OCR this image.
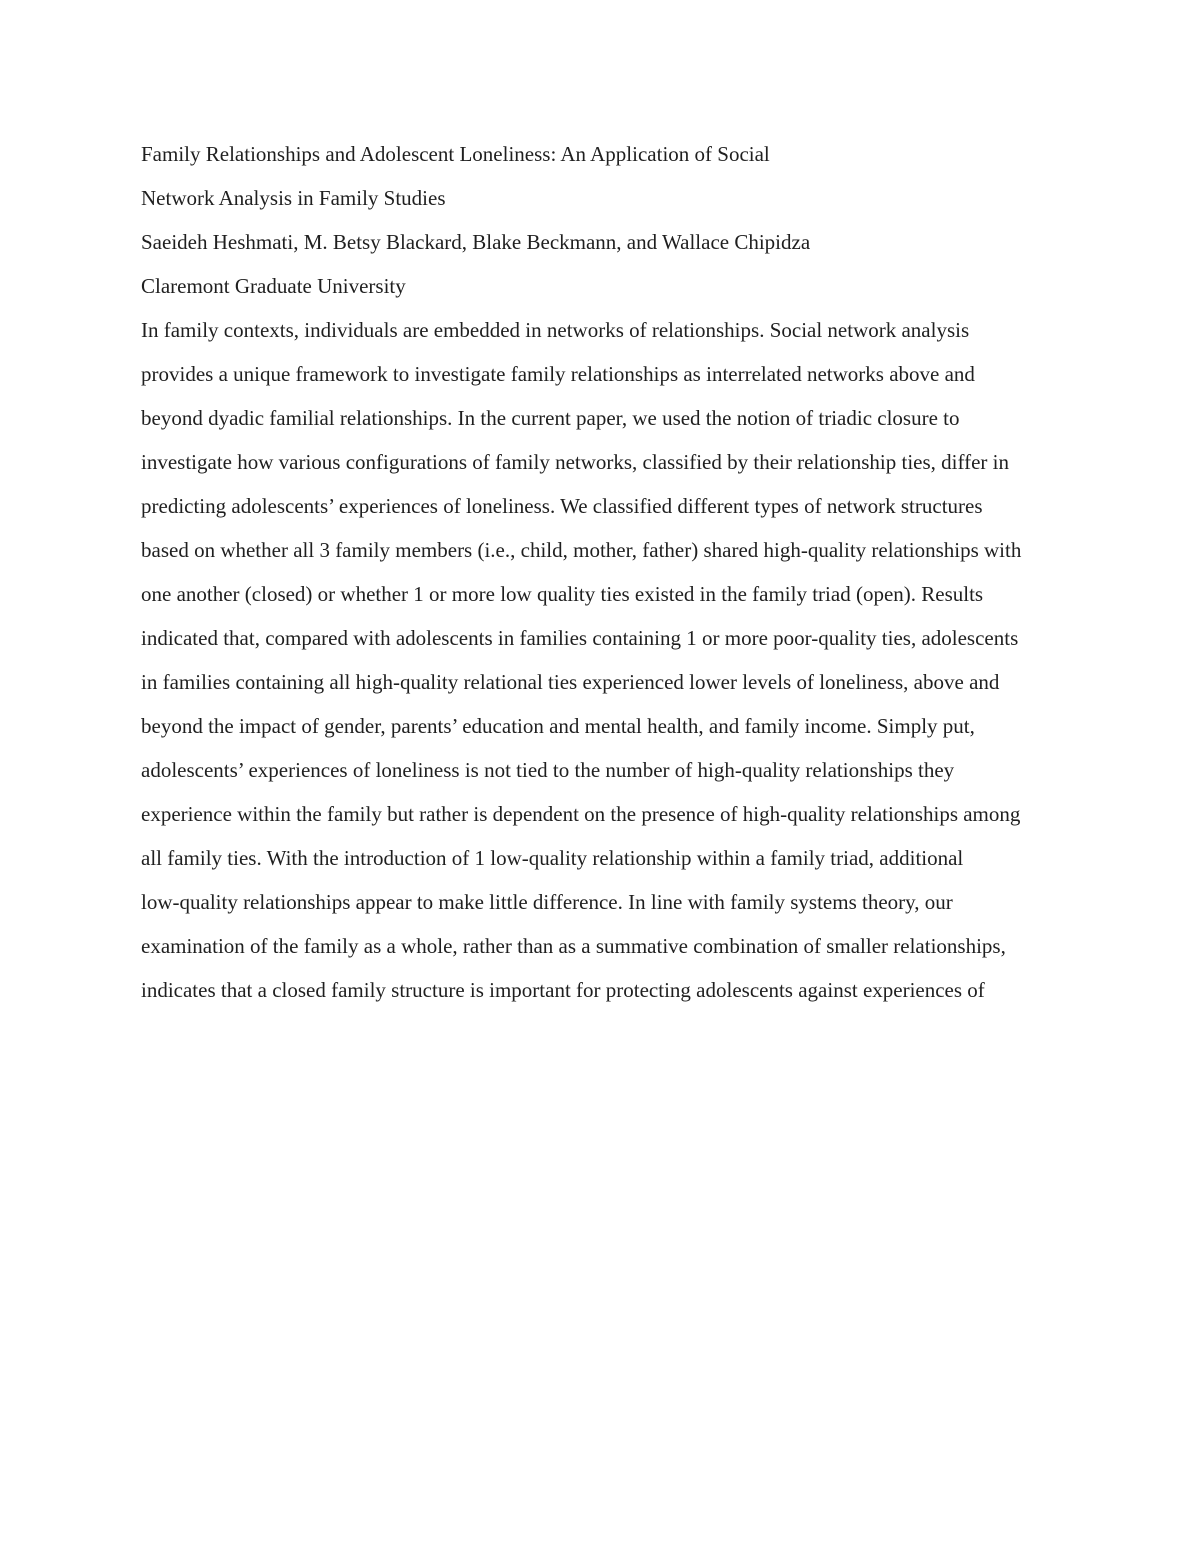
Family Relationships and Adolescent Loneliness: An Application of Social

Network Analysis in Family Studies

Saeideh Heshmati, M. Betsy Blackard, Blake Beckmann, and Wallace Chipidza

Claremont Graduate University

In family contexts, individuals are embedded in networks of relationships. Social network analysis

provides a unique framework to investigate family relationships as interrelated networks above and

beyond dyadic familial relationships. In the current paper, we used the notion of triadic closure to

investigate how various configurations of family networks, classified by their relationship ties, differ in

predicting adolescents’ experiences of loneliness. We classified different types of network structures

based on whether all 3 family members (i.e., child, mother, father) shared high-quality relationships with

one another (closed) or whether 1 or more low quality ties existed in the family triad (open). Results

indicated that, compared with adolescents in families containing 1 or more poor-quality ties, adolescents

in families containing all high-quality relational ties experienced lower levels of loneliness, above and

beyond the impact of gender, parents’ education and mental health, and family income. Simply put,

adolescents’ experiences of loneliness is not tied to the number of high-quality relationships they

experience within the family but rather is dependent on the presence of high-quality relationships among

all family ties. With the introduction of 1 low-quality relationship within a family triad, additional

low-quality relationships appear to make little difference. In line with family systems theory, our

examination of the family as a whole, rather than as a summative combination of smaller relationships,

indicates that a closed family structure is important for protecting adolescents against experiences of
